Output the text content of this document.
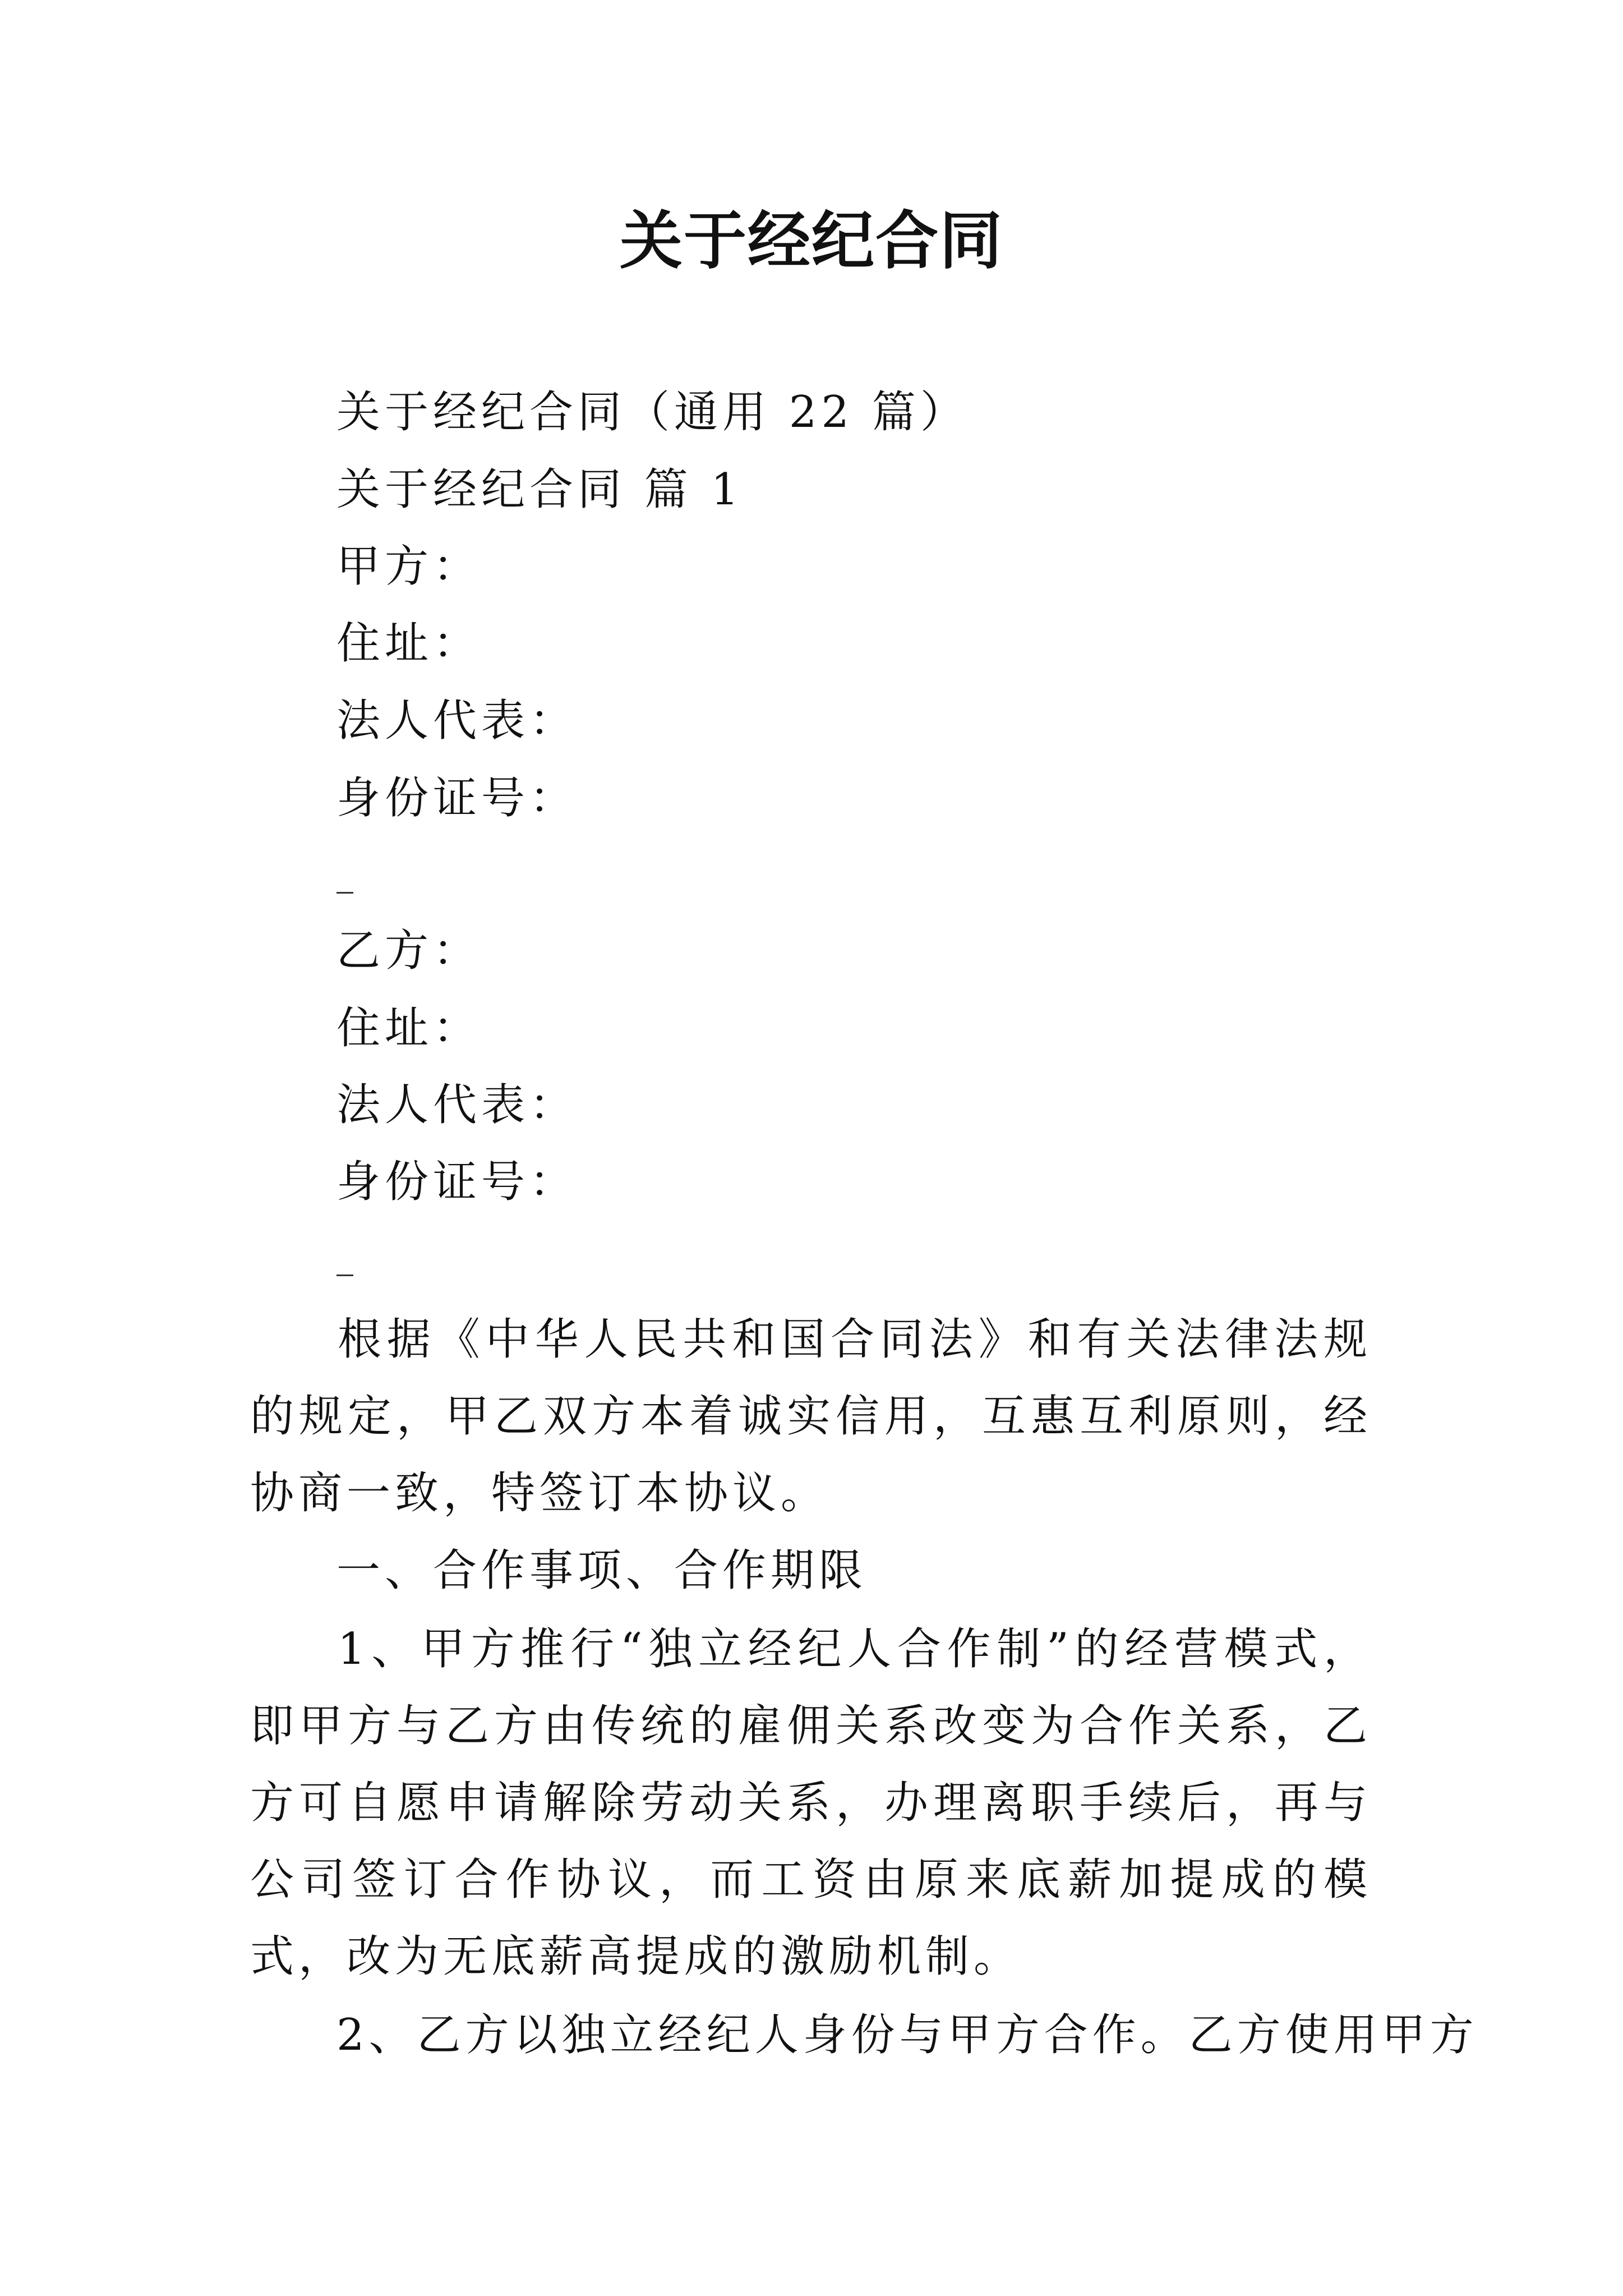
关于经纪合同
关于经纪合同（通用 22 篇）
关于经纪合同 篇 1
甲方：
住址：
法人代表：
身份证号：
乙方：
住址：
法人代表：
身份证号：

根据《中华人民共和国合同法》和有关法律法规的规定，甲乙双方本着诚实信用，互惠互利原则，经协商一致，特签订本协议。

一、合作事项、合作期限

1、甲方推行“独立经纪人合作制”的经营模式，即甲方与乙方由传统的雇佣关系改变为合作关系，乙方可自愿申请解除劳动关系，办理离职手续后，再与公司签订合作协议，而工资由原来底薪加提成的模式，改为无底薪高提成的激励机制。

2、乙方以独立经纪人身份与甲方合作。乙方使用甲方
